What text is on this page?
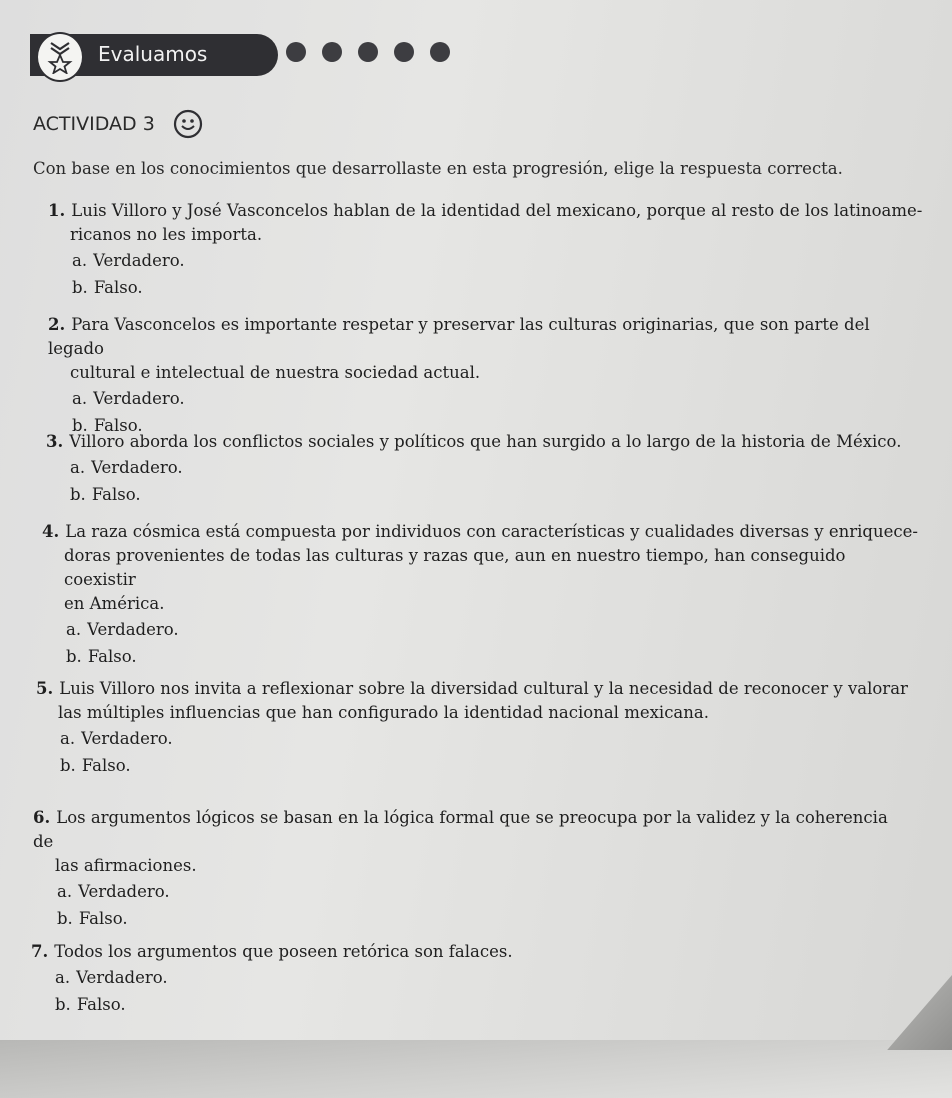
Evaluamos
ACTIVIDAD 3
Con base en los conocimientos que desarrollaste en esta progresión, elige la respuesta correcta.
1. Luis Villoro y José Vasconcelos hablan de la identidad del mexicano, porque al resto de los latinoame-
ricanos no les importa.
a. Verdadero.
b. Falso.
2. Para Vasconcelos es importante respetar y preservar las culturas originarias, que son parte del legado
cultural e intelectual de nuestra sociedad actual.
a. Verdadero.
b. Falso.
3. Villoro aborda los conflictos sociales y políticos que han surgido a lo largo de la historia de México.
a. Verdadero.
b. Falso.
4. La raza cósmica está compuesta por individuos con características y cualidades diversas y enriquece-
doras provenientes de todas las culturas y razas que, aun en nuestro tiempo, han conseguido coexistir
en América.
a. Verdadero.
b. Falso.
5. Luis Villoro nos invita a reflexionar sobre la diversidad cultural y la necesidad de reconocer y valorar
las múltiples influencias que han configurado la identidad nacional mexicana.
a. Verdadero.
b. Falso.
6. Los argumentos lógicos se basan en la lógica formal que se preocupa por la validez y la coherencia de
las afirmaciones.
a. Verdadero.
b. Falso.
7. Todos los argumentos que poseen retórica son falaces.
a. Verdadero.
b. Falso.
